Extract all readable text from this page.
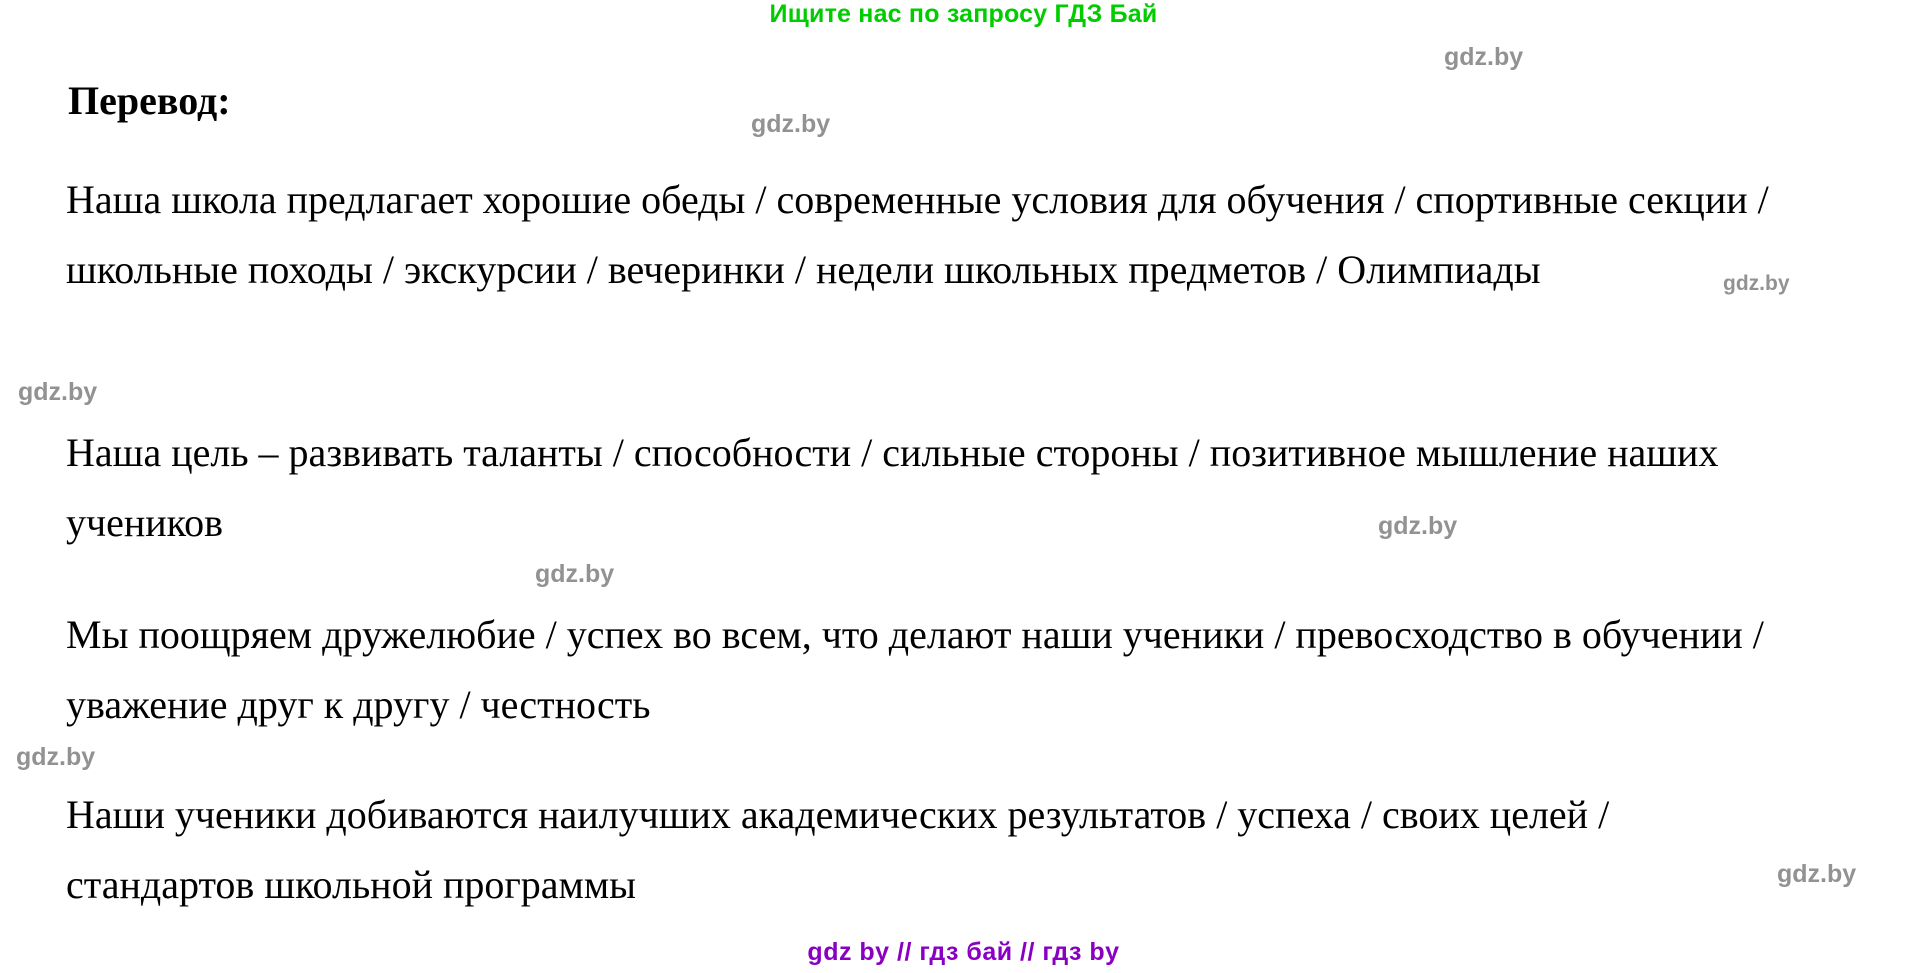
Ищите нас по запросу ГДЗ Бай
Перевод:
Наша школа предлагает хорошие обеды / современные условия для обучения / спортивные секции / школьные походы / экскурсии / вечеринки / недели школьных предметов / Олимпиады
Наша цель – развивать таланты / способности / сильные стороны / позитивное мышление наших учеников
Мы поощряем дружелюбие / успех во всем, что делают наши ученики / превосходство в обучении / уважение друг к другу / честность
Наши ученики добиваются наилучших академических результатов / успеха / своих целей / стандартов школьной программы
gdz.by
gdz.by
gdz.by
gdz.by
gdz.by
gdz.by
gdz.by
gdz.by
gdz by // гдз бай // гдз by
